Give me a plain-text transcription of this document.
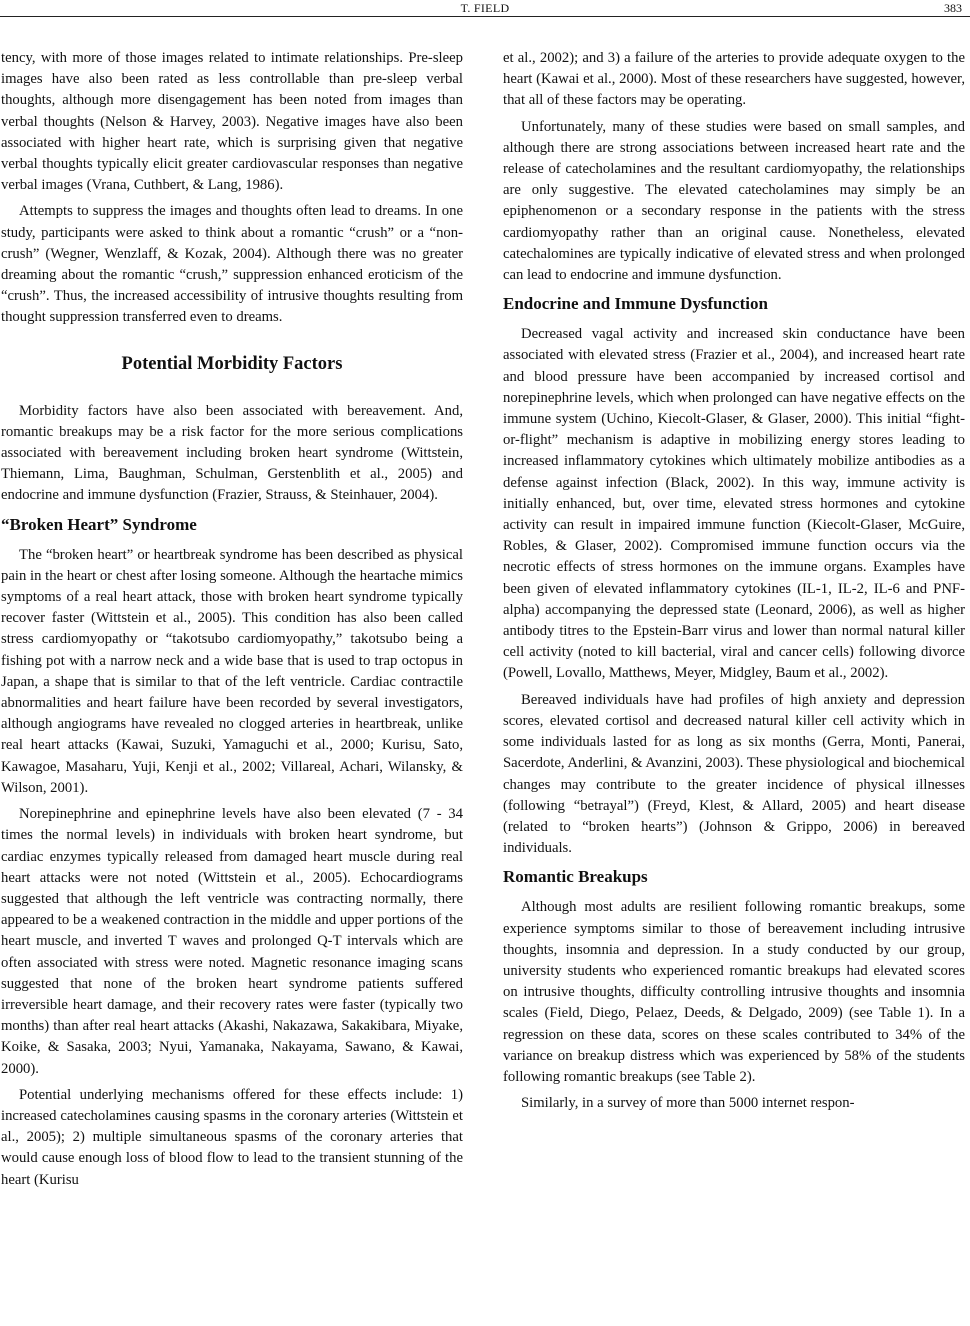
T. FIELD	383

tency, with more of those images related to intimate relationships. Pre-sleep images have also been rated as less controllable than pre-sleep verbal thoughts, although more disengagement has been noted from images than verbal thoughts (Nelson & Harvey, 2003). Negative images have also been associated with higher heart rate, which is surprising given that negative verbal thoughts typically elicit greater cardiovascular responses than negative verbal images (Vrana, Cuthbert, & Lang, 1986).

Attempts to suppress the images and thoughts often lead to dreams. In one study, participants were asked to think about a romantic “crush” or a “non-crush” (Wegner, Wenzlaff, & Kozak, 2004). Although there was no greater dreaming about the romantic “crush,” suppression enhanced eroticism of the “crush”. Thus, the increased accessibility of intrusive thoughts resulting from thought suppression transferred even to dreams.

Potential Morbidity Factors

Morbidity factors have also been associated with bereavement. And, romantic breakups may be a risk factor for the more serious complications associated with bereavement including broken heart syndrome (Wittstein, Thiemann, Lima, Baughman, Schulman, Gerstenblith et al., 2005) and endocrine and immune dysfunction (Frazier, Strauss, & Steinhauer, 2004).

“Broken Heart” Syndrome

The “broken heart” or heartbreak syndrome has been described as physical pain in the heart or chest after losing someone. Although the heartache mimics symptoms of a real heart attack, those with broken heart syndrome typically recover faster (Wittstein et al., 2005). This condition has also been called stress cardiomyopathy or “takotsubo cardiomyopathy,” takotsubo being a fishing pot with a narrow neck and a wide base that is used to trap octopus in Japan, a shape that is similar to that of the left ventricle. Cardiac contractile abnormalities and heart failure have been recorded by several investigators, although angiograms have revealed no clogged arteries in heartbreak, unlike real heart attacks (Kawai, Suzuki, Yamaguchi et al., 2000; Kurisu, Sato, Kawagoe, Masaharu, Yuji, Kenji et al., 2002; Villareal, Achari, Wilansky, & Wilson, 2001).

Norepinephrine and epinephrine levels have also been elevated (7 - 34 times the normal levels) in individuals with broken heart syndrome, but cardiac enzymes typically released from damaged heart muscle during real heart attacks were not noted (Wittstein et al., 2005). Echocardiograms suggested that although the left ventricle was contracting normally, there appeared to be a weakened contraction in the middle and upper portions of the heart muscle, and inverted T waves and prolonged Q-T intervals which are often associated with stress were noted. Magnetic resonance imaging scans suggested that none of the broken heart syndrome patients suffered irreversible heart damage, and their recovery rates were faster (typically two months) than after real heart attacks (Akashi, Nakazawa, Sakakibara, Miyake, Koike, & Sasaka, 2003; Nyui, Yamanaka, Nakayama, Sawano, & Kawai, 2000).

Potential underlying mechanisms offered for these effects include: 1) increased catecholamines causing spasms in the coronary arteries (Wittstein et al., 2005); 2) multiple simultaneous spasms of the coronary arteries that would cause enough loss of blood flow to lead to the transient stunning of the heart (Kurisu

et al., 2002); and 3) a failure of the arteries to provide adequate oxygen to the heart (Kawai et al., 2000). Most of these researchers have suggested, however, that all of these factors may be operating.

Unfortunately, many of these studies were based on small samples, and although there are strong associations between increased heart rate and the release of catecholamines and the resultant cardiomyopathy, the relationships are only suggestive. The elevated catecholamines may simply be an epiphenomenon or a secondary response in the patients with the stress cardiomyopathy rather than an original cause. Nonetheless, elevated catechalomines are typically indicative of elevated stress and when prolonged can lead to endocrine and immune dysfunction.

Endocrine and Immune Dysfunction

Decreased vagal activity and increased skin conductance have been associated with elevated stress (Frazier et al., 2004), and increased heart rate and blood pressure have been accompanied by increased cortisol and norepinephrine levels, which when prolonged can have negative effects on the immune system (Uchino, Kiecolt-Glaser, & Glaser, 2000). This initial “fight-or-flight” mechanism is adaptive in mobilizing energy stores leading to increased inflammatory cytokines which ultimately mobilize antibodies as a defense against infection (Black, 2002). In this way, immune activity is initially enhanced, but, over time, elevated stress hormones and cytokine activity can result in impaired immune function (Kiecolt-Glaser, McGuire, Robles, & Glaser, 2002). Compromised immune function occurs via the necrotic effects of stress hormones on the immune organs. Examples have been given of elevated inflammatory cytokines (IL-1, IL-2, IL-6 and PNF-alpha) accompanying the depressed state (Leonard, 2006), as well as higher antibody titres to the Epstein-Barr virus and lower than normal natural killer cell activity (noted to kill bacterial, viral and cancer cells) following divorce (Powell, Lovallo, Matthews, Meyer, Midgley, Baum et al., 2002).

Bereaved individuals have had profiles of high anxiety and depression scores, elevated cortisol and decreased natural killer cell activity which in some individuals lasted for as long as six months (Gerra, Monti, Panerai, Sacerdote, Anderlini, & Avanzini, 2003). These physiological and biochemical changes may contribute to the greater incidence of physical illnesses (following “betrayal”) (Freyd, Klest, & Allard, 2005) and heart disease (related to “broken hearts”) (Johnson & Grippo, 2006) in bereaved individuals.

Romantic Breakups

Although most adults are resilient following romantic breakups, some experience symptoms similar to those of bereavement including intrusive thoughts, insomnia and depression. In a study conducted by our group, university students who experienced romantic breakups had elevated scores on intrusive thoughts, difficulty controlling intrusive thoughts and insomnia scales (Field, Diego, Pelaez, Deeds, & Delgado, 2009) (see Table 1). In a regression on these data, scores on these scales contributed to 34% of the variance on breakup distress which was experienced by 58% of the students following romantic breakups (see Table 2).

Similarly, in a survey of more than 5000 internet respon-
